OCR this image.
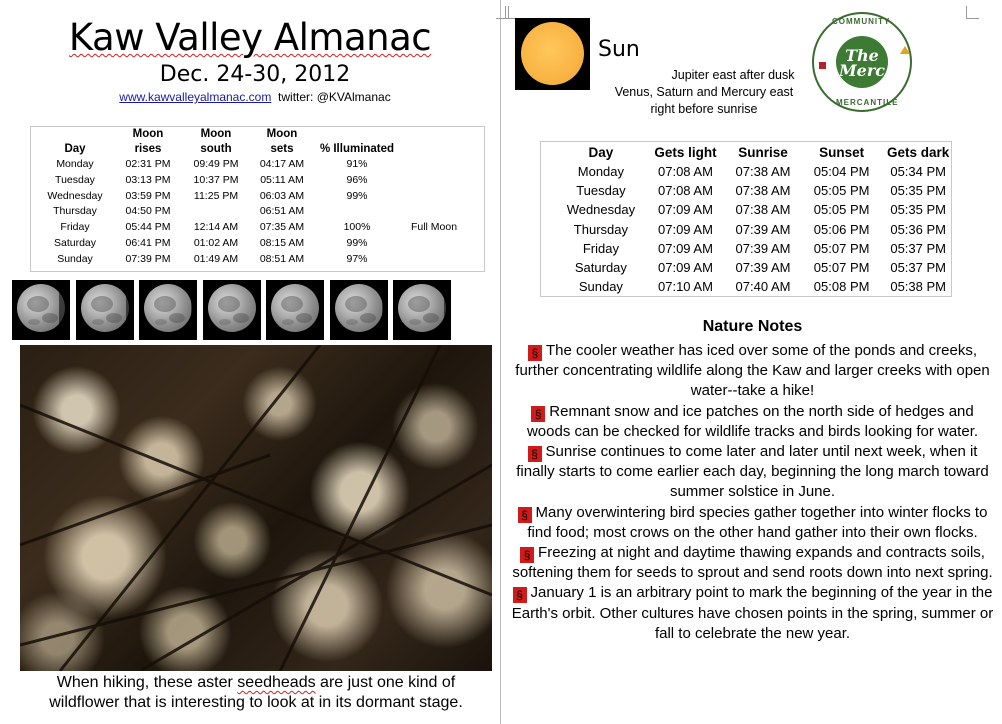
Kaw Valley Almanac
Dec. 24-30, 2012
www.kawvalleyalmanac.com twitter: @KVAlmanac
	Moon	Moon	Moon		
Day	rises	south	sets	% Illuminated	
Monday	02:31 PM	09:49 PM	04:17 AM	91%	
Tuesday	03:13 PM	10:37 PM	05:11 AM	96%	
Wednesday	03:59 PM	11:25 PM	06:03 AM	99%	
Thursday	04:50 PM		06:51 AM		
Friday	05:44 PM	12:14 AM	07:35 AM	100%	Full Moon
Saturday	06:41 PM	01:02 AM	08:15 AM	99%	
Sunday	07:39 PM	01:49 AM	08:51 AM	97%	
When hiking, these aster seedheads are just one kind of
wildflower that is interesting to look at in its dormant stage.
Sun
Jupiter east after dusk
Venus, Saturn and Mercury east
right before sunrise
COMMUNITY
The
Merc
MERCANTILE
Day	Gets light	Sunrise	Sunset	Gets dark
Monday	07:08 AM	07:38 AM	05:04 PM	05:34 PM
Tuesday	07:08 AM	07:38 AM	05:05 PM	05:35 PM
Wednesday	07:09 AM	07:38 AM	05:05 PM	05:35 PM
Thursday	07:09 AM	07:39 AM	05:06 PM	05:36 PM
Friday	07:09 AM	07:39 AM	05:07 PM	05:37 PM
Saturday	07:09 AM	07:39 AM	05:07 PM	05:37 PM
Sunday	07:10 AM	07:40 AM	05:08 PM	05:38 PM
Nature Notes
§ The cooler weather has iced over some of the ponds and creeks, further concentrating wildlife along the Kaw and larger creeks with open water--take a hike!
§ Remnant snow and ice patches on the north side of hedges and woods can be checked for wildlife tracks and birds looking for water.
§ Sunrise continues to come later and later until next week, when it finally starts to come earlier each day, beginning the long march toward summer solstice in June.
§ Many overwintering bird species gather together into winter flocks to find food; most crows on the other hand gather into their own flocks.
§ Freezing at night and daytime thawing expands and contracts soils, softening them for seeds to sprout and send roots down into next spring.
§ January 1 is an arbitrary point to mark the beginning of the year in the Earth's orbit. Other cultures have chosen points in the spring, summer or fall to celebrate the new year.
